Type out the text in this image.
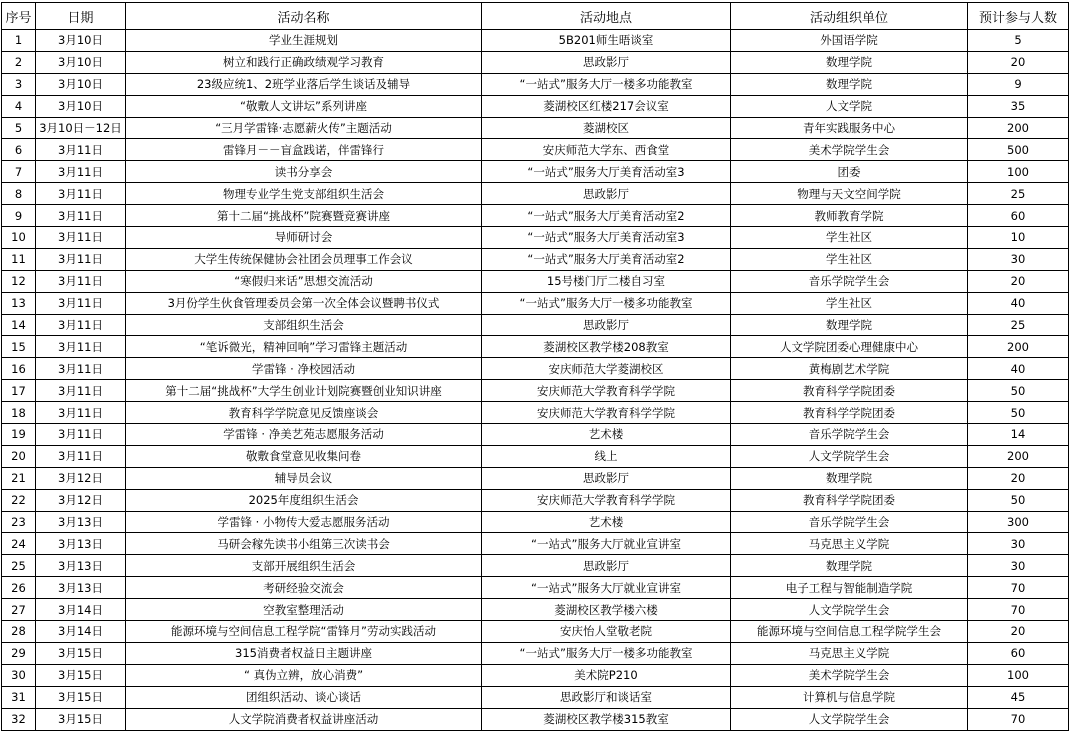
序号	日期	活动名称	活动地点	活动组织单位	预计参与人数
1	3月10日	学业生涯规划	5B201师生晤谈室	外国语学院	5
2	3月10日	树立和践行正确政绩观学习教育	思政影厅	数理学院	20
3	3月10日	23级应统1、2班学业落后学生谈话及辅导	“一站式”服务大厅一楼多功能教室	数理学院	9
4	3月10日	“敬敷人文讲坛”系列讲座	菱湖校区红楼217会议室	人文学院	35
5	3月10日－12日	“三月学雷锋·志愿薪火传”主题活动	菱湖校区	青年实践服务中心	200
6	3月11日	雷锋月－－盲盒践诺，伴雷锋行	安庆师范大学东、西食堂	美术学院学生会	500
7	3月11日	读书分享会	“一站式”服务大厅美育活动室3	团委	100
8	3月11日	物理专业学生党支部组织生活会	思政影厅	物理与天文空间学院	25
9	3月11日	第十二届“挑战杯”院赛暨竞赛讲座	“一站式”服务大厅美育活动室2	教师教育学院	60
10	3月11日	导师研讨会	“一站式”服务大厅美育活动室3	学生社区	10
11	3月11日	大学生传统保健协会社团会员理事工作会议	“一站式”服务大厅美育活动室2	学生社区	30
12	3月11日	“寒假归来话”思想交流活动	15号楼门厅二楼自习室	音乐学院学生会	20
13	3月11日	3月份学生伙食管理委员会第一次全体会议暨聘书仪式	“一站式”服务大厅一楼多功能教室	学生社区	40
14	3月11日	支部组织生活会	思政影厅	数理学院	25
15	3月11日	“笔诉微光，精神回响”学习雷锋主题活动	菱湖校区教学楼208教室	人文学院团委心理健康中心	200
16	3月11日	学雷锋 · 净校园活动	安庆师范大学菱湖校区	黄梅剧艺术学院	40
17	3月11日	第十二届“挑战杯”大学生创业计划院赛暨创业知识讲座	安庆师范大学教育科学学院	教育科学学院团委	50
18	3月11日	教育科学学院意见反馈座谈会	安庆师范大学教育科学学院	教育科学学院团委	50
19	3月11日	学雷锋 · 净美艺苑志愿服务活动	艺术楼	音乐学院学生会	14
20	3月11日	敬敷食堂意见收集问卷	线上	人文学院学生会	200
21	3月12日	辅导员会议	思政影厅	数理学院	20
22	3月12日	2025年度组织生活会	安庆师范大学教育科学学院	教育科学学院团委	50
23	3月13日	学雷锋 · 小物传大爱志愿服务活动	艺术楼	音乐学院学生会	300
24	3月13日	马研会稼先读书小组第三次读书会	“一站式”服务大厅就业宣讲室	马克思主义学院	30
25	3月13日	支部开展组织生活会	思政影厅	数理学院	30
26	3月13日	考研经验交流会	“一站式”服务大厅就业宣讲室	电子工程与智能制造学院	70
27	3月14日	空教室整理活动	菱湖校区教学楼六楼	人文学院学生会	70
28	3月14日	能源环境与空间信息工程学院“雷锋月”劳动实践活动	安庆怡人堂敬老院	能源环境与空间信息工程学院学生会	20
29	3月15日	315消费者权益日主题讲座	“一站式”服务大厅一楼多功能教室	马克思主义学院	60
30	3月15日	“ 真伪立辨，放心消费”	美术院P210	美术学院学生会	100
31	3月15日	团组织活动、谈心谈话	思政影厅和谈话室	计算机与信息学院	45
32	3月15日	人文学院消费者权益讲座活动	菱湖校区教学楼315教室	人文学院学生会	70
